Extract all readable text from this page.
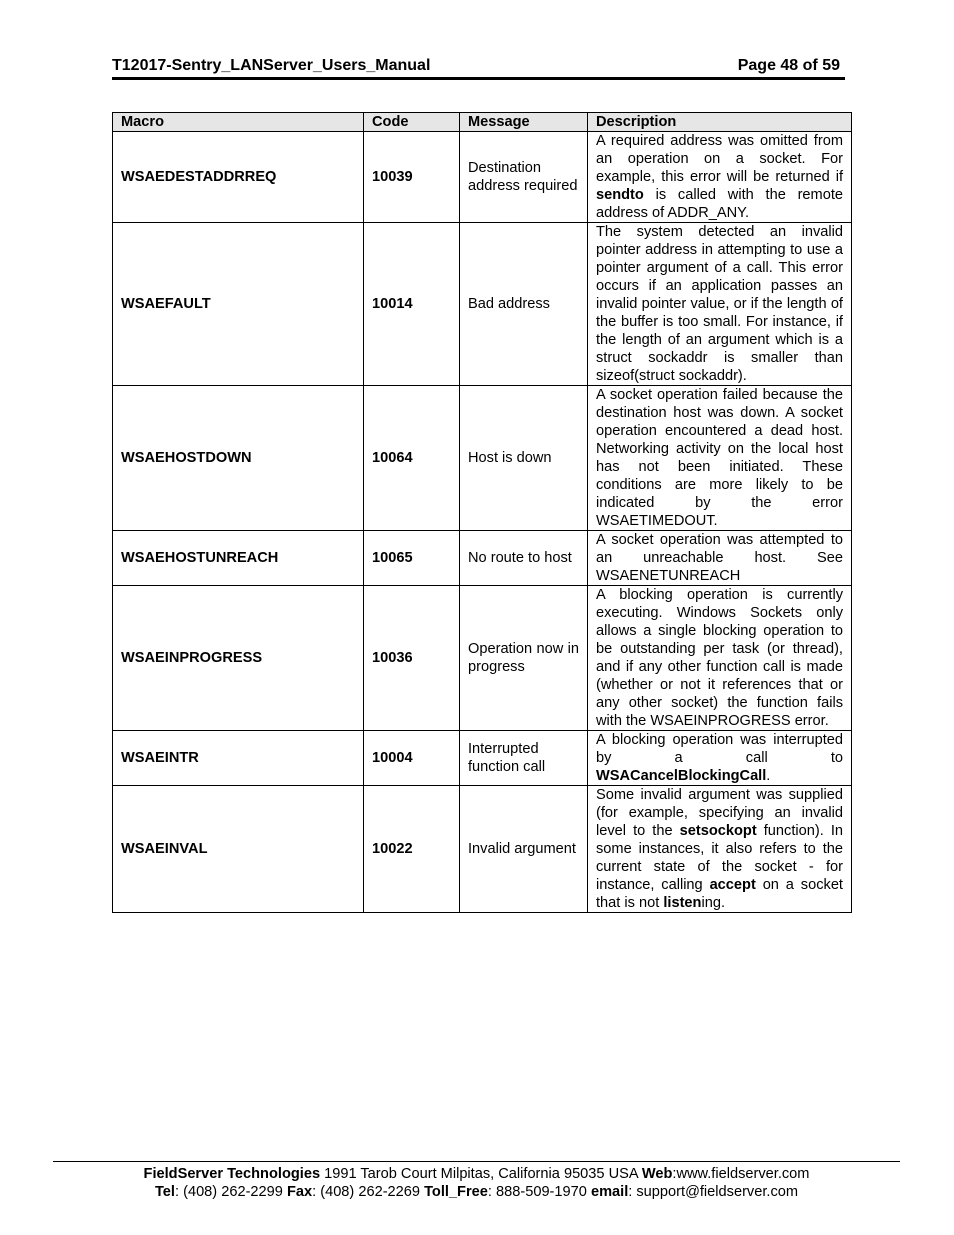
T12017-Sentry_LANServer_Users_Manual	Page 48 of 59
Macro	Code	Message	Description
WSAEDESTADDRREQ	10039	Destination address required	A required address was omitted from an operation on a socket. For example, this error will be returned if sendto is called with the remote address of ADDR_ANY.
WSAEFAULT	10014	Bad address	The system detected an invalid pointer address in attempting to use a pointer argument of a call. This error occurs if an application passes an invalid pointer value, or if the length of the buffer is too small. For instance, if the length of an argument which is a struct sockaddr is smaller than sizeof(struct sockaddr).
WSAEHOSTDOWN	10064	Host is down	A socket operation failed because the destination host was down. A socket operation encountered a dead host. Networking activity on the local host has not been initiated. These conditions are more likely to be indicated by the error WSAETIMEDOUT.
WSAEHOSTUNREACH	10065	No route to host	A socket operation was attempted to an unreachable host. See WSAENETUNREACH
WSAEINPROGRESS	10036	Operation now in progress	A blocking operation is currently executing. Windows Sockets only allows a single blocking operation to be outstanding per task (or thread), and if any other function call is made (whether or not it references that or any other socket) the function fails with the WSAEINPROGRESS error.
WSAEINTR	10004	Interrupted function call	A blocking operation was interrupted by a call to WSACancelBlockingCall.
WSAEINVAL	10022	Invalid argument	Some invalid argument was supplied (for example, specifying an invalid level to the setsockopt function). In some instances, it also refers to the current state of the socket - for instance, calling accept on a socket that is not listening.
FieldServer Technologies 1991 Tarob Court Milpitas, California 95035 USA Web:www.fieldserver.com
Tel: (408) 262-2299 Fax: (408) 262-2269 Toll_Free: 888-509-1970 email: support@fieldserver.com
